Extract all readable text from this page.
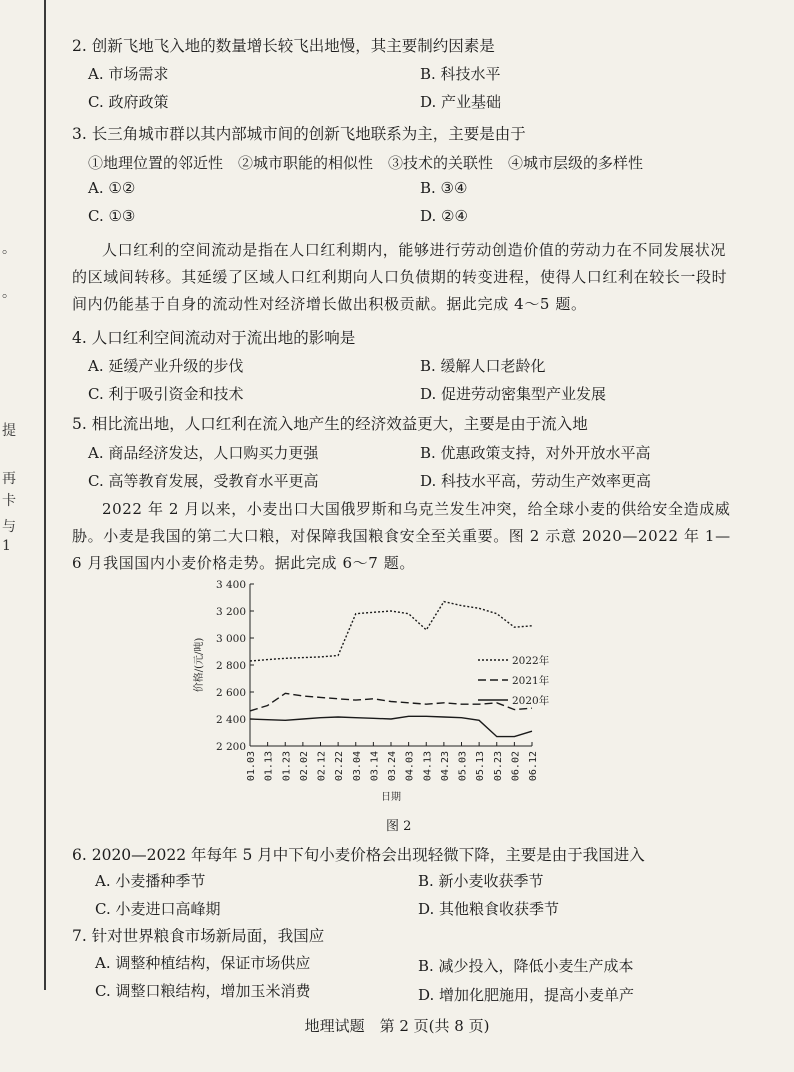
。
。
提
再
卡
与
1
2. 创新飞地飞入地的数量增长较飞出地慢，其主要制约因素是
A. 市场需求	B. 科技水平
C. 政府政策	D. 产业基础
3. 长三角城市群以其内部城市间的创新飞地联系为主，主要是由于
①地理位置的邻近性　②城市职能的相似性　③技术的关联性　④城市层级的多样性
A. ①②	B. ③④
C. ①③	D. ②④
人口红利的空间流动是指在人口红利期内，能够进行劳动创造价值的劳动力在不同发展状况的区域间转移。其延缓了区域人口红利期向人口负债期的转变进程，使得人口红利在较长一段时间内仍能基于自身的流动性对经济增长做出积极贡献。据此完成 4～5 题。
4. 人口红利空间流动对于流出地的影响是
A. 延缓产业升级的步伐	B. 缓解人口老龄化
C. 利于吸引资金和技术	D. 促进劳动密集型产业发展
5. 相比流出地，人口红利在流入地产生的经济效益更大，主要是由于流入地
A. 商品经济发达，人口购买力更强	B. 优惠政策支持，对外开放水平高
C. 高等教育发展，受教育水平更高	D. 科技水平高，劳动生产效率更高
2022 年 2 月以来，小麦出口大国俄罗斯和乌克兰发生冲突，给全球小麦的供给安全造成威胁。小麦是我国的第二大口粮，对保障我国粮食安全至关重要。图 2 示意 2020—2022 年 1—6 月我国国内小麦价格走势。据此完成 6～7 题。
2 200
2 400
2 600
2 800
3 000
3 200
3 400
01.03 01.13 01.23 02.02 02.12 02.22 03.04 03.14 03.24 04.03 04.13 04.23 05.03 05.13 05.23 06.02 06.12
价格/(元/吨)
日期
2022年
2021年
2020年
图 2
6. 2020—2022 年每年 5 月中下旬小麦价格会出现轻微下降，主要是由于我国进入
A. 小麦播种季节	B. 新小麦收获季节
C. 小麦进口高峰期	D. 其他粮食收获季节
7. 针对世界粮食市场新局面，我国应
A. 调整种植结构，保证市场供应	B. 减少投入，降低小麦生产成本
C. 调整口粮结构，增加玉米消费	D. 增加化肥施用，提高小麦单产
地理试题　第 2 页(共 8 页)
